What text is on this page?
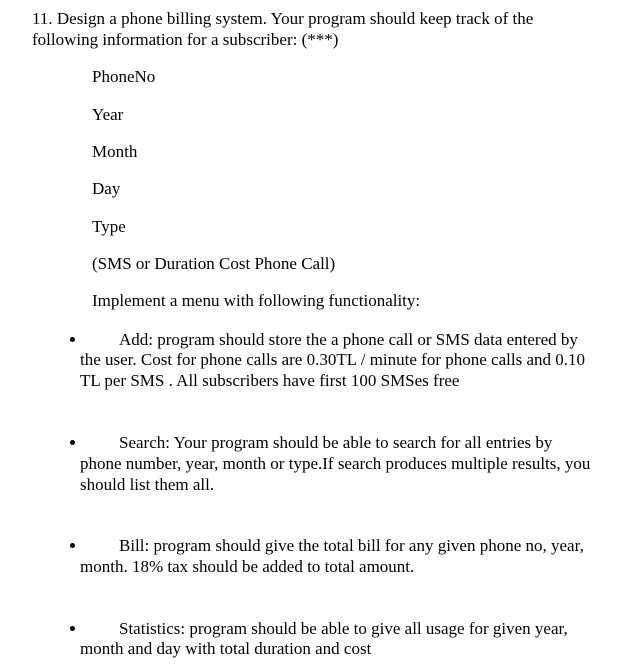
11. Design a phone billing system. Your program should keep track of the
following information for a subscriber: (***)
PhoneNo
Year
Month
Day
Type
(SMS or Duration Cost Phone Call)
Implement a menu with following functionality:
Add: program should store the a phone call or SMS data entered by
the user. Cost for phone calls are 0.30TL / minute for phone calls and 0.10
TL per SMS . All subscribers have first 100 SMSes free
Search: Your program should be able to search for all entries by
phone number, year, month or type.If search produces multiple results, you
should list them all.
Bill: program should give the total bill for any given phone no, year,
month. 18% tax should be added to total amount.
Statistics: program should be able to give all usage for given year,
month and day with total duration and cost
